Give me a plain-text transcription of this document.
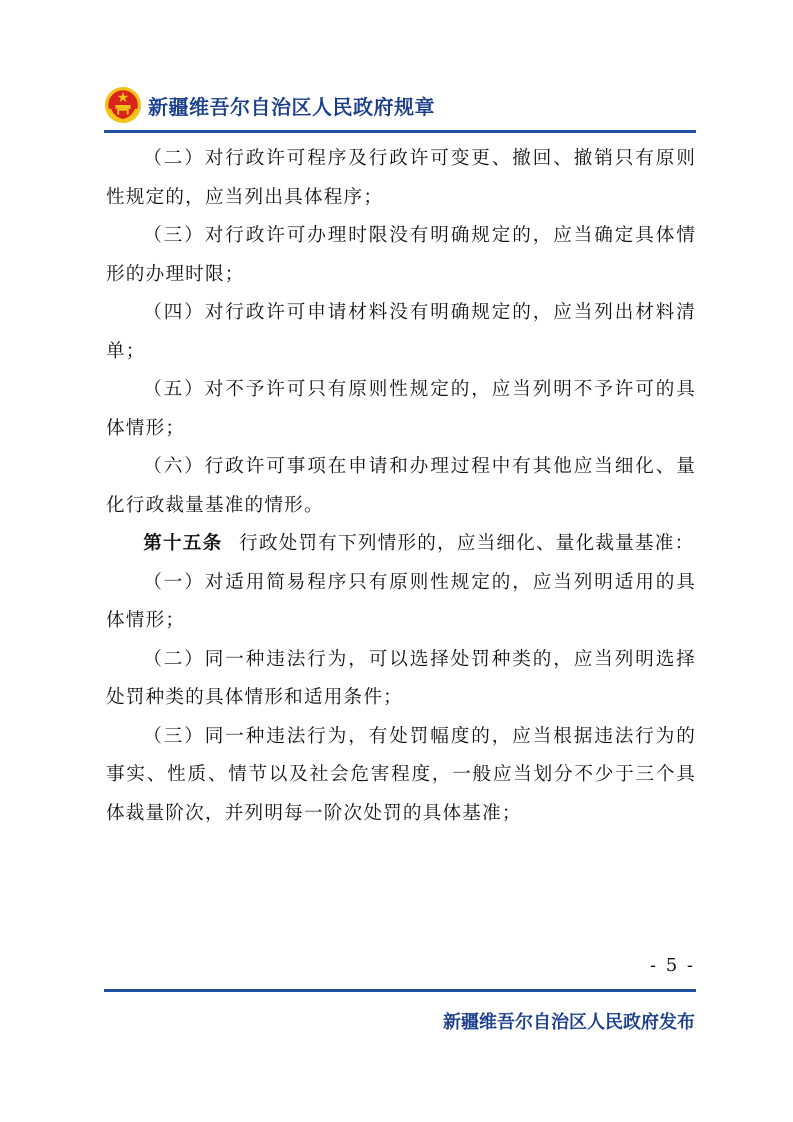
新疆维吾尔自治区人民政府规章

（二）对行政许可程序及行政许可变更、撤回、撤销只有原则性规定的，应当列出具体程序；

（三）对行政许可办理时限没有明确规定的，应当确定具体情形的办理时限；

（四）对行政许可申请材料没有明确规定的，应当列出材料清单；

（五）对不予许可只有原则性规定的，应当列明不予许可的具体情形；

（六）行政许可事项在申请和办理过程中有其他应当细化、量化行政裁量基准的情形。

第十五条 行政处罚有下列情形的，应当细化、量化裁量基准：

（一）对适用简易程序只有原则性规定的，应当列明适用的具体情形；

（二）同一种违法行为，可以选择处罚种类的，应当列明选择处罚种类的具体情形和适用条件；

（三）同一种违法行为，有处罚幅度的，应当根据违法行为的事实、性质、情节以及社会危害程度，一般应当划分不少于三个具体裁量阶次，并列明每一阶次处罚的具体基准；

- 5 -
新疆维吾尔自治区人民政府发布
